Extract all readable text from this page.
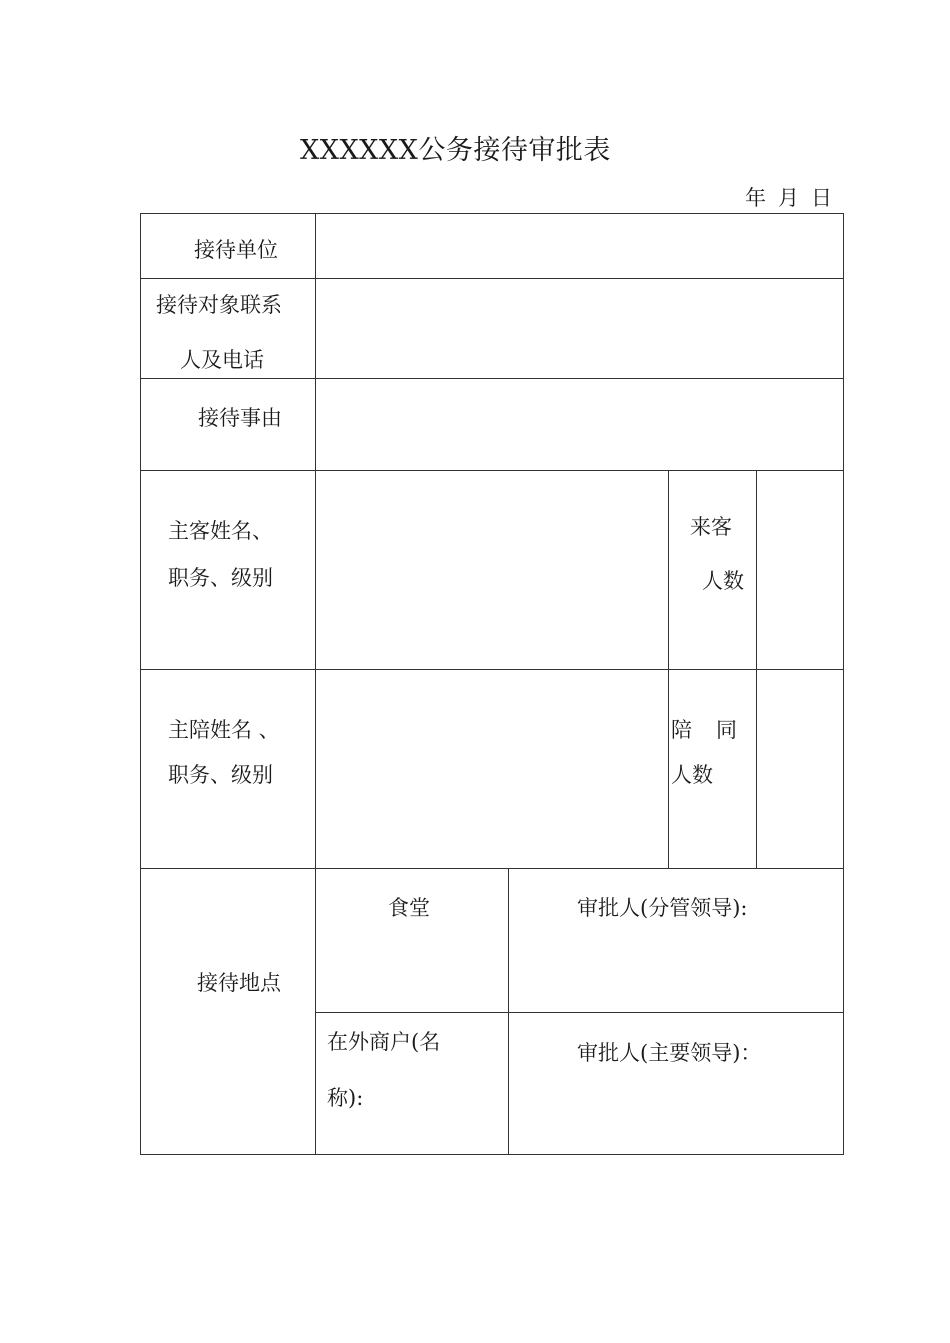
XXXXXX公务接待审批表
年 月 日
接待单位
接待对象联系
人及电话
接待事由
主客姓名、
职务、级别
来客
人数
主陪姓名 、
职务、级别
陪 同
人数
接待地点
食堂	审批人(分管领导):
在外商户(名
称):
审批人(主要领导)：
